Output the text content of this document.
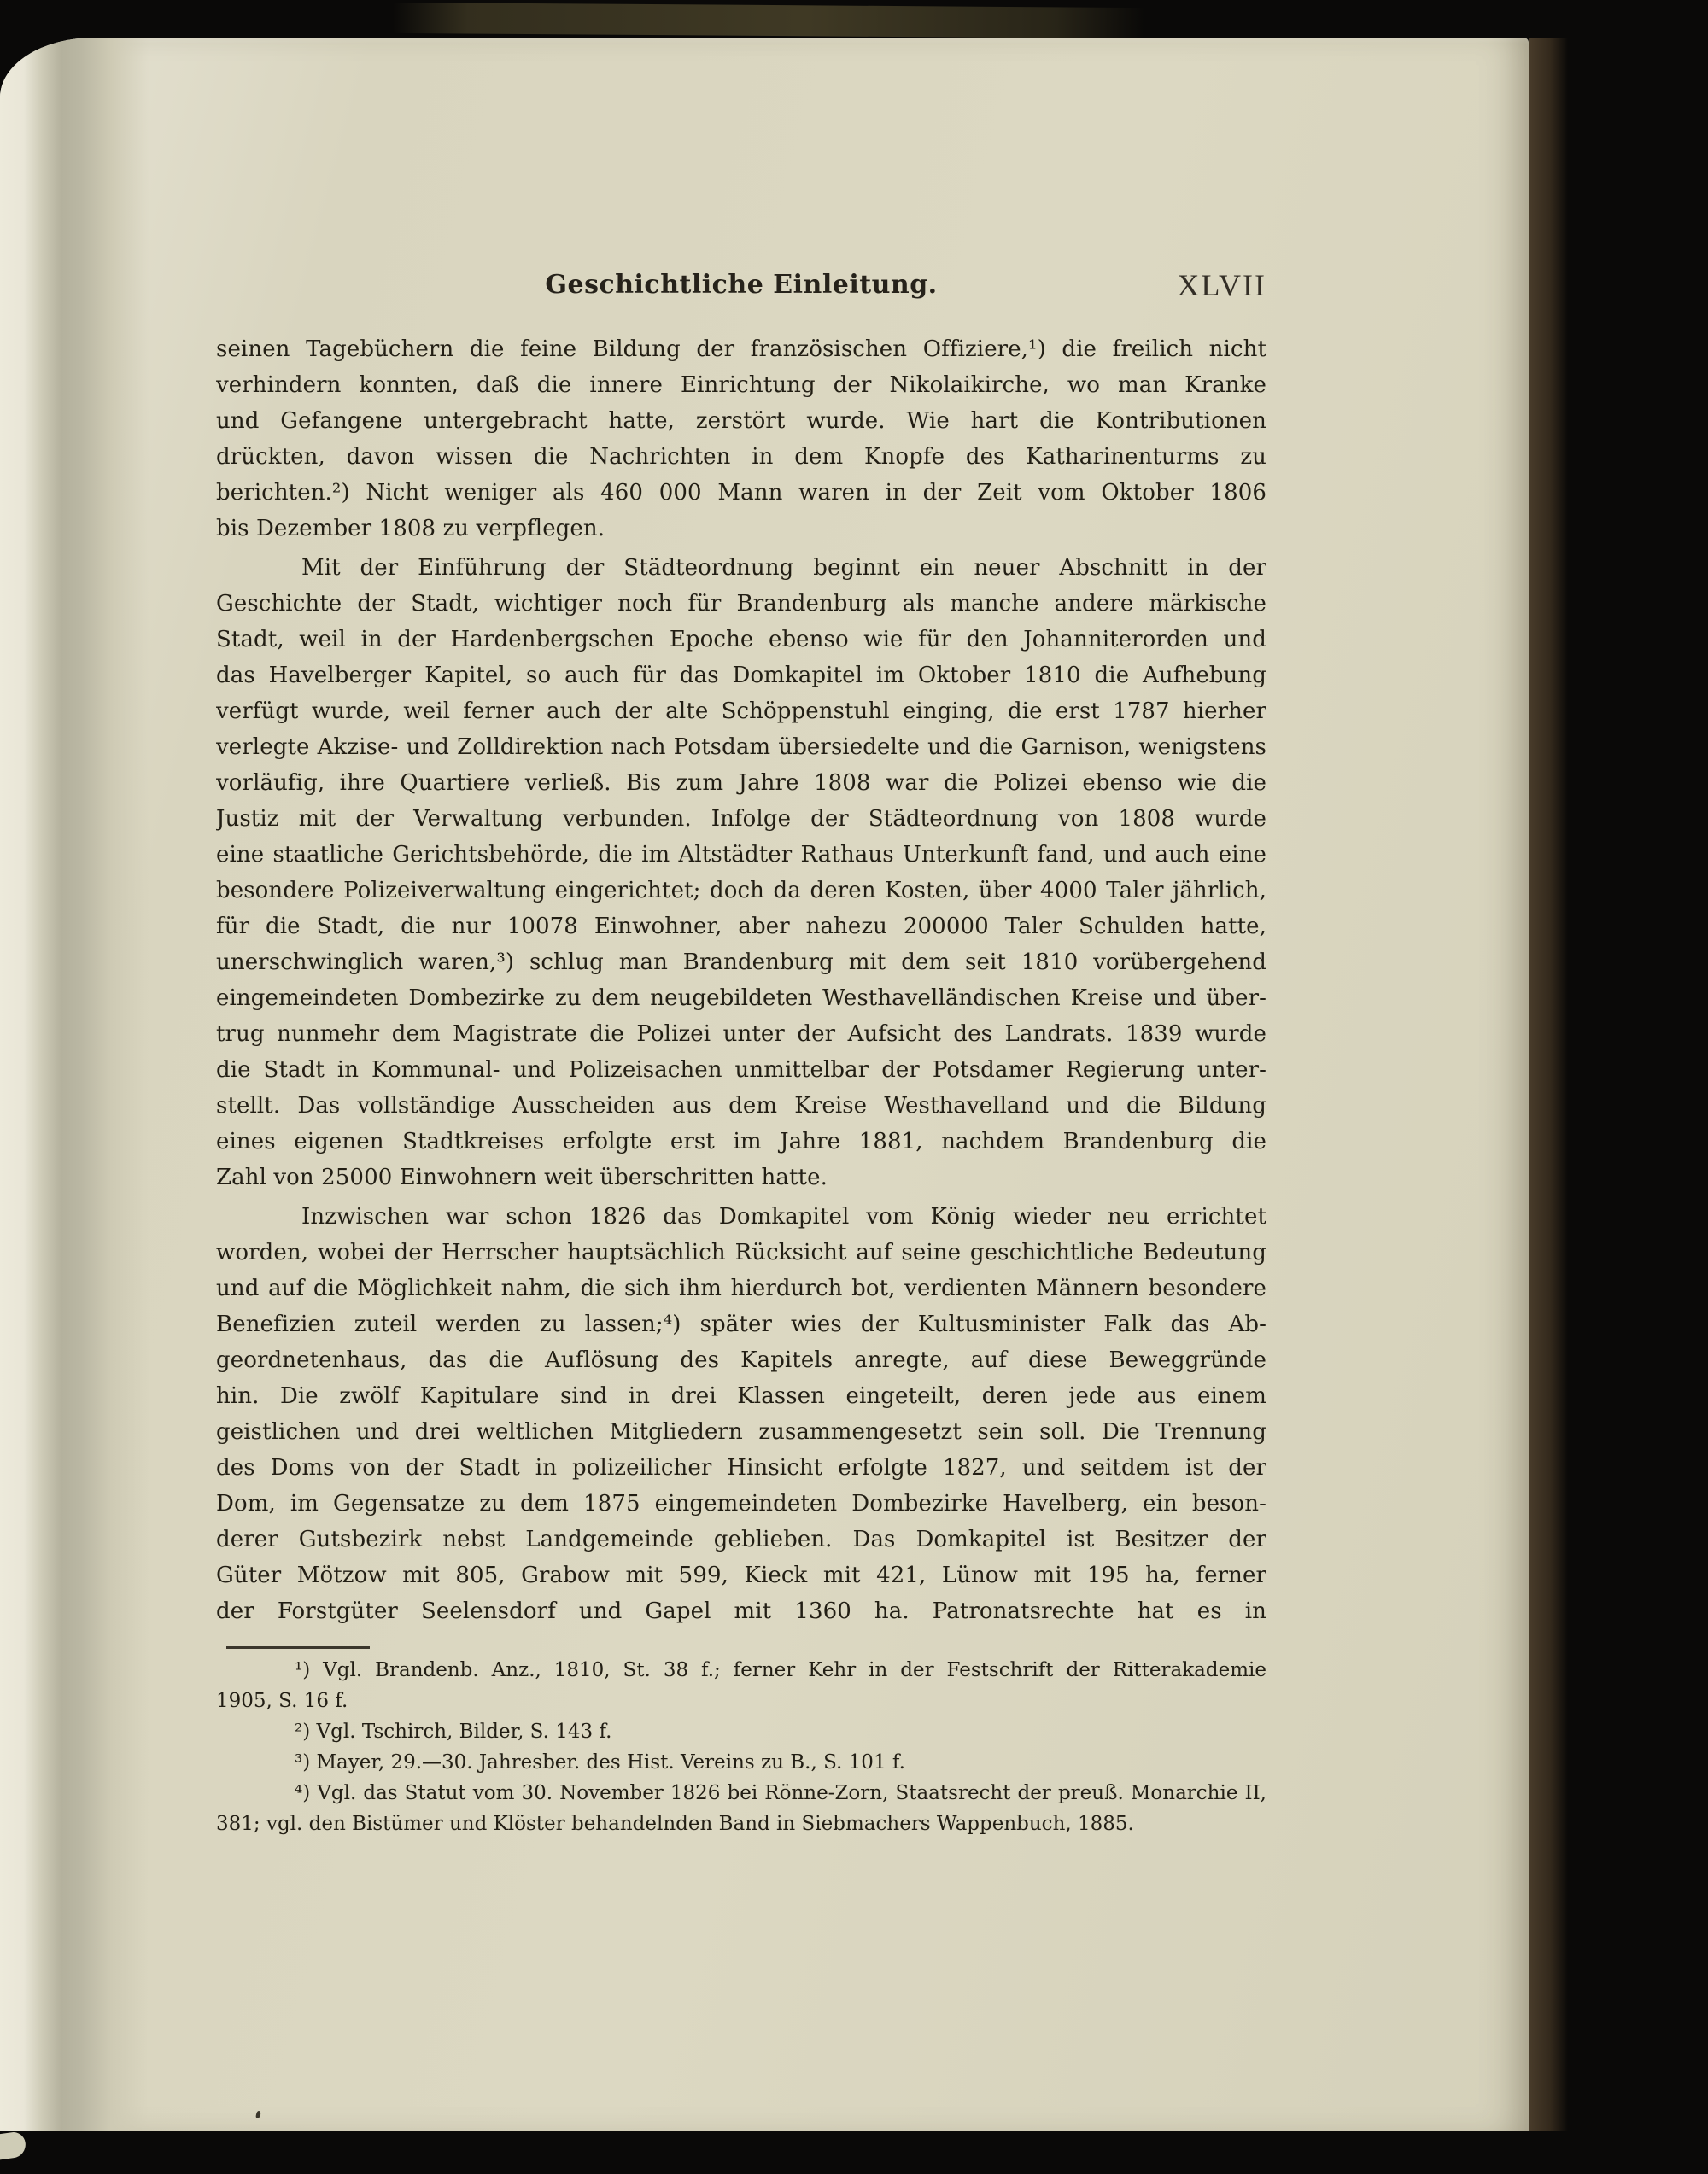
Geschichtliche Einleitung.	XLVII
seinen Tagebüchern die feine Bildung der französischen Offiziere,¹) die freilich nicht
verhindern konnten, daß die innere Einrichtung der Nikolaikirche, wo man Kranke
und Gefangene untergebracht hatte, zerstört wurde. Wie hart die Kontributionen
drückten, davon wissen die Nachrichten in dem Knopfe des Katharinenturms zu
berichten.²) Nicht weniger als 460 000 Mann waren in der Zeit vom Oktober 1806
bis Dezember 1808 zu verpflegen.
Mit der Einführung der Städteordnung beginnt ein neuer Abschnitt in der
Geschichte der Stadt, wichtiger noch für Brandenburg als manche andere märkische
Stadt, weil in der Hardenbergschen Epoche ebenso wie für den Johanniterorden und
das Havelberger Kapitel, so auch für das Domkapitel im Oktober 1810 die Aufhebung
verfügt wurde, weil ferner auch der alte Schöppenstuhl einging, die erst 1787 hierher
verlegte Akzise- und Zolldirektion nach Potsdam übersiedelte und die Garnison, wenigstens
vorläufig, ihre Quartiere verließ. Bis zum Jahre 1808 war die Polizei ebenso wie die
Justiz mit der Verwaltung verbunden. Infolge der Städteordnung von 1808 wurde
eine staatliche Gerichtsbehörde, die im Altstädter Rathaus Unterkunft fand, und auch eine
besondere Polizeiverwaltung eingerichtet; doch da deren Kosten, über 4000 Taler jährlich,
für die Stadt, die nur 10078 Einwohner, aber nahezu 200000 Taler Schulden hatte,
unerschwinglich waren,³) schlug man Brandenburg mit dem seit 1810 vorübergehend
eingemeindeten Dombezirke zu dem neugebildeten Westhavelländischen Kreise und über-
trug nunmehr dem Magistrate die Polizei unter der Aufsicht des Landrats. 1839 wurde
die Stadt in Kommunal- und Polizeisachen unmittelbar der Potsdamer Regierung unter-
stellt. Das vollständige Ausscheiden aus dem Kreise Westhavelland und die Bildung
eines eigenen Stadtkreises erfolgte erst im Jahre 1881, nachdem Brandenburg die
Zahl von 25000 Einwohnern weit überschritten hatte.
Inzwischen war schon 1826 das Domkapitel vom König wieder neu errichtet
worden, wobei der Herrscher hauptsächlich Rücksicht auf seine geschichtliche Bedeutung
und auf die Möglichkeit nahm, die sich ihm hierdurch bot, verdienten Männern besondere
Benefizien zuteil werden zu lassen;⁴) später wies der Kultusminister Falk das Ab-
geordnetenhaus, das die Auflösung des Kapitels anregte, auf diese Beweggründe
hin. Die zwölf Kapitulare sind in drei Klassen eingeteilt, deren jede aus einem
geistlichen und drei weltlichen Mitgliedern zusammengesetzt sein soll. Die Trennung
des Doms von der Stadt in polizeilicher Hinsicht erfolgte 1827, und seitdem ist der
Dom, im Gegensatze zu dem 1875 eingemeindeten Dombezirke Havelberg, ein beson-
derer Gutsbezirk nebst Landgemeinde geblieben. Das Domkapitel ist Besitzer der
Güter Mötzow mit 805, Grabow mit 599, Kieck mit 421, Lünow mit 195 ha, ferner
der Forstgüter Seelensdorf und Gapel mit 1360 ha. Patronatsrechte hat es in
¹) Vgl. Brandenb. Anz., 1810, St. 38 f.; ferner Kehr in der Festschrift der Ritterakademie
1905, S. 16 f.
²) Vgl. Tschirch, Bilder, S. 143 f.
³) Mayer, 29.—30. Jahresber. des Hist. Vereins zu B., S. 101 f.
⁴) Vgl. das Statut vom 30. November 1826 bei Rönne-Zorn, Staatsrecht der preuß. Monarchie II,
381; vgl. den Bistümer und Klöster behandelnden Band in Siebmachers Wappenbuch, 1885.
